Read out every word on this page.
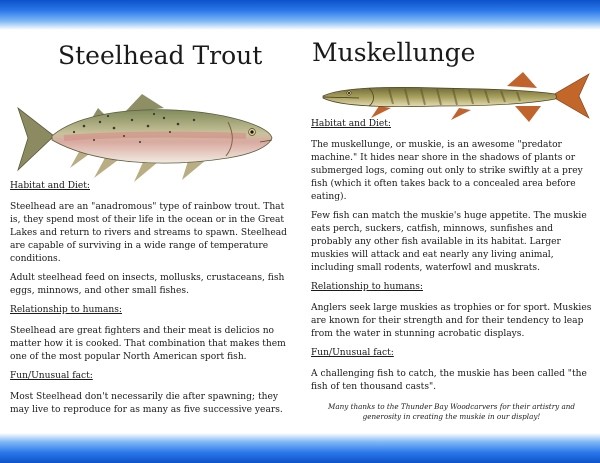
Steelhead Trout
Habitat and Diet:
Steelhead are an "anadromous" type of rainbow trout. That is, they spend most of their life in the ocean or in the Great Lakes and return to rivers and streams to spawn. Steelhead are capable of surviving in a wide range of temperature conditions.
Adult steelhead feed on insects, mollusks, crustaceans, fish eggs, minnows, and other small fishes.
Relationship to humans:
Steelhead are great fighters and their meat is delicios no matter how it is cooked. That combination that makes them one of the most popular North American sport fish.
Fun/Unusual fact:
Most Steelhead don't necessarily die after spawning; they may live to reproduce for as many as five successive years.
Muskellunge
Habitat and Diet:
The muskellunge, or muskie, is an awesome "predator machine." It hides near shore in the shadows of plants or submerged logs, coming out only to strike swiftly at a prey fish (which it often takes back to a concealed area before eating).
Few fish can match the muskie's huge appetite. The muskie eats perch, suckers, catfish, minnows, sunfishes and probably any other fish available in its habitat. Larger muskies will attack and eat nearly any living animal, including small rodents, waterfowl and muskrats.
Relationship to humans:
Anglers seek large muskies as trophies or for sport. Muskies are known for their strength and for their tendency to leap from the water in stunning acrobatic displays.
Fun/Unusual fact:
A challenging fish to catch, the muskie has been called "the fish of ten thousand casts".
Many thanks to the Thunder Bay Woodcarvers for their artistry and generosity in creating the muskie in our display!
